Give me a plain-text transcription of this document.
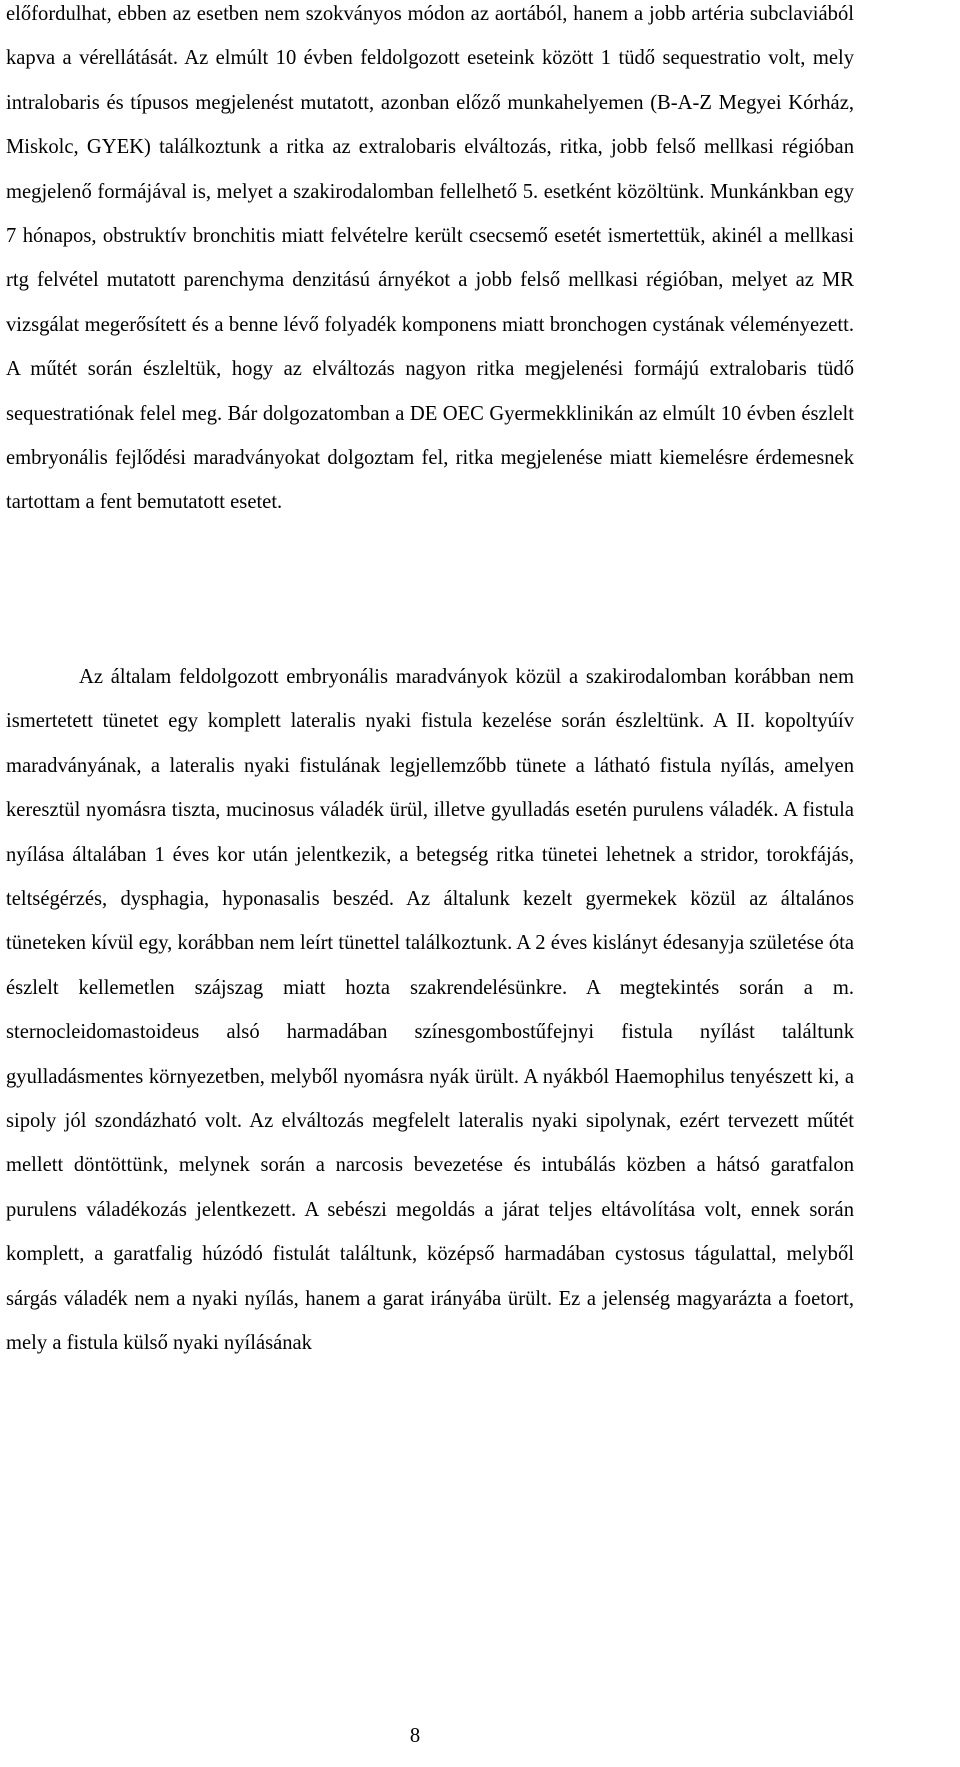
előfordulhat, ebben az esetben nem szokványos módon az aortából, hanem a jobb artéria subclaviából kapva a vérellátását. Az elmúlt 10 évben feldolgozott eseteink között 1 tüdő sequestratio volt, mely intralobaris és típusos megjelenést mutatott, azonban előző munkahelyemen (B-A-Z Megyei Kórház, Miskolc, GYEK) találkoztunk a ritka az extralobaris elváltozás, ritka, jobb felső mellkasi régióban megjelenő formájával is, melyet a szakirodalomban fellelhető 5. esetként közöltünk. Munkánkban egy 7 hónapos, obstruktív bronchitis miatt felvételre került csecsemő esetét ismertettük, akinél a mellkasi rtg felvétel mutatott parenchyma denzitású árnyékot a jobb felső mellkasi régióban, melyet az MR vizsgálat megerősített és a benne lévő folyadék komponens miatt bronchogen cystának véleményezett. A műtét során észleltük, hogy az elváltozás nagyon ritka megjelenési formájú extralobaris tüdő sequestratiónak felel meg. Bár dolgozatomban a DE OEC Gyermekklinikán az elmúlt 10 évben észlelt embryonális fejlődési maradványokat dolgoztam fel, ritka megjelenése miatt kiemelésre érdemesnek tartottam a fent bemutatott esetet.

Az általam feldolgozott embryonális maradványok közül a szakirodalomban korábban nem ismertetett tünetet egy komplett lateralis nyaki fistula kezelése során észleltünk. A II. kopoltyúív maradványának, a lateralis nyaki fistulának legjellemzőbb tünete a látható fistula nyílás, amelyen keresztül nyomásra tiszta, mucinosus váladék ürül, illetve gyulladás esetén purulens váladék. A fistula nyílása általában 1 éves kor után jelentkezik, a betegség ritka tünetei lehetnek a stridor, torokfájás, teltségérzés, dysphagia, hyponasalis beszéd. Az általunk kezelt gyermekek közül az általános tüneteken kívül egy, korábban nem leírt tünettel találkoztunk. A 2 éves kislányt édesanyja születése óta észlelt kellemetlen szájszag miatt hozta szakrendelésünkre. A megtekintés során a m. sternocleidomastoideus alsó harmadában színesgombostűfejnyi fistula nyílást találtunk gyulladásmentes környezetben, melyből nyomásra nyák ürült. A nyákból Haemophilus tenyészett ki, a sipoly jól szondázható volt. Az elváltozás megfelelt lateralis nyaki sipolynak, ezért tervezett műtét mellett döntöttünk, melynek során a narcosis bevezetése és intubálás közben a hátsó garatfalon purulens váladékozás jelentkezett. A sebészi megoldás a járat teljes eltávolítása volt, ennek során komplett, a garatfalig húzódó fistulát találtunk, középső harmadában cystosus tágulattal, melyből sárgás váladék nem a nyaki nyílás, hanem a garat irányába ürült. Ez a jelenség magyarázta a foetort, mely a fistula külső nyaki nyílásának

8
